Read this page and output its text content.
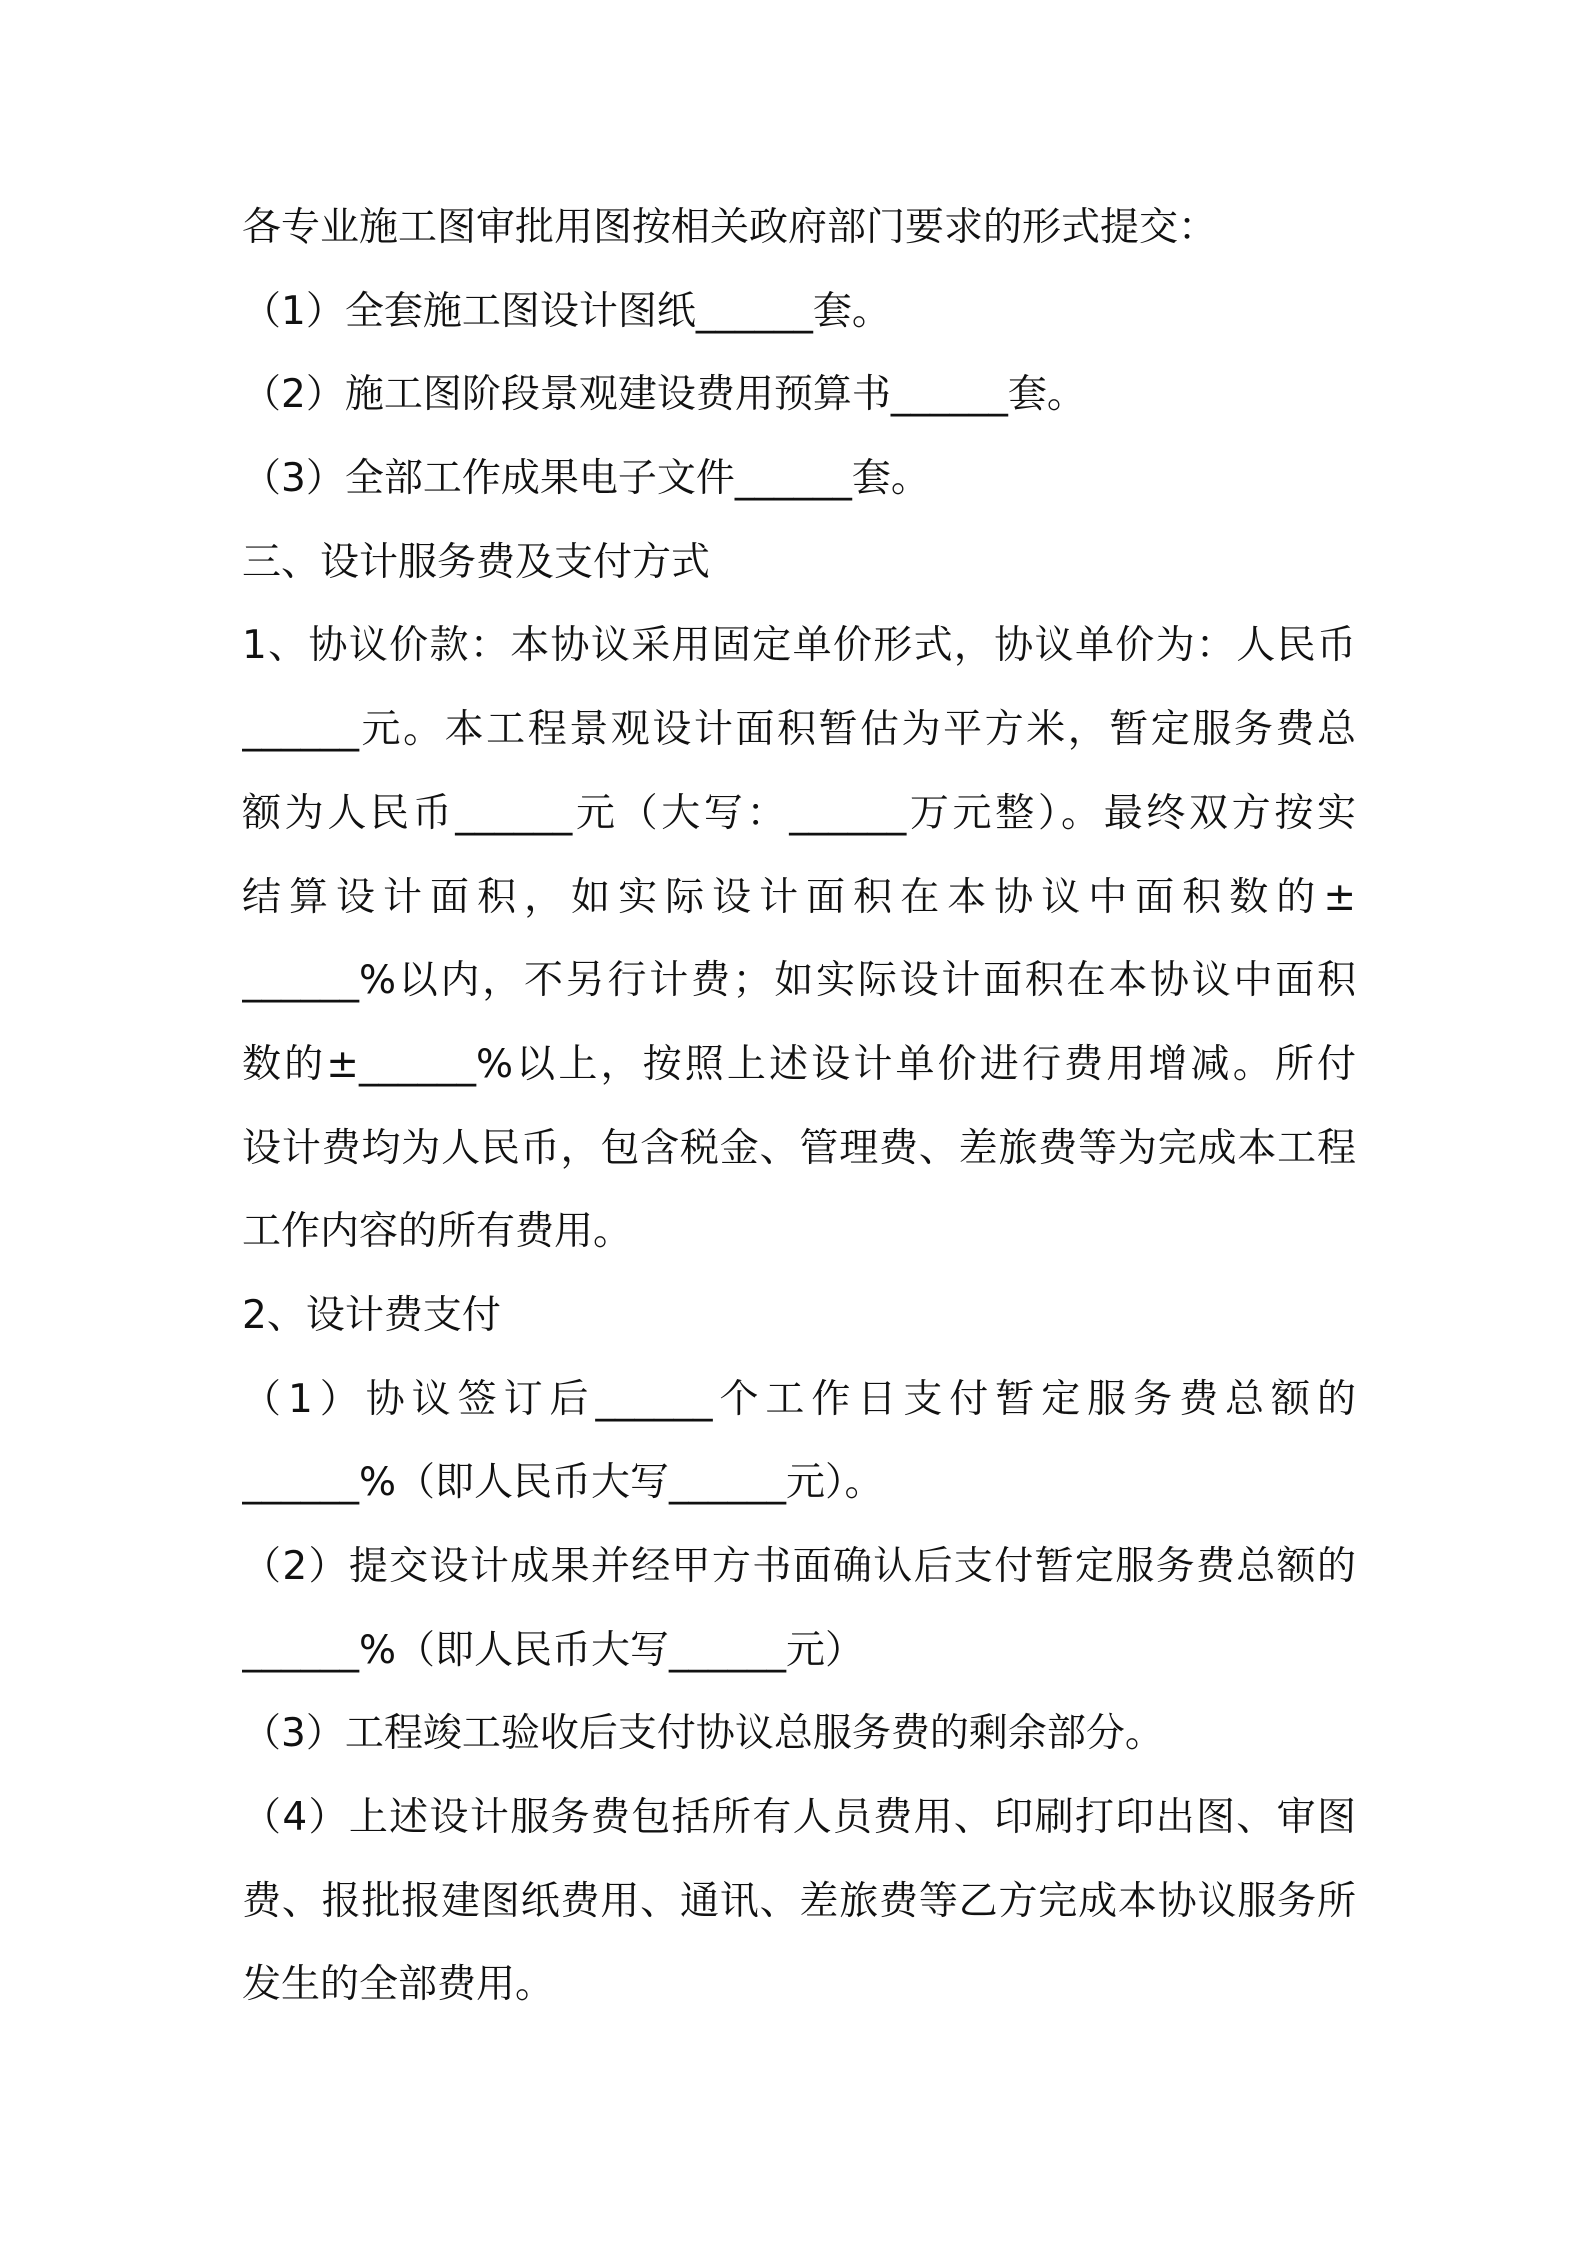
各专业施工图审批用图按相关政府部门要求的形式提交：
（1）全套施工图设计图纸______套。
（2）施工图阶段景观建设费用预算书______套。
（3）全部工作成果电子文件______套。
三、设计服务费及支付方式
1、协议价款：本协议采用固定单价形式，协议单价为：人民币
______元。本工程景观设计面积暂估为平方米，暂定服务费总
额为人民币______元（大写：______万元整）。最终双方按实
结算设计面积，如实际设计面积在本协议中面积数的±
______%以内，不另行计费；如实际设计面积在本协议中面积
数的±______%以上，按照上述设计单价进行费用增减。所付
设计费均为人民币，包含税金、管理费、差旅费等为完成本工程
工作内容的所有费用。
2、设计费支付
（1）协议签订后______个工作日支付暂定服务费总额的
______%（即人民币大写______元）。
（2）提交设计成果并经甲方书面确认后支付暂定服务费总额的
______%（即人民币大写______元）
（3）工程竣工验收后支付协议总服务费的剩余部分。
（4）上述设计服务费包括所有人员费用、印刷打印出图、审图
费、报批报建图纸费用、通讯、差旅费等乙方完成本协议服务所
发生的全部费用。
